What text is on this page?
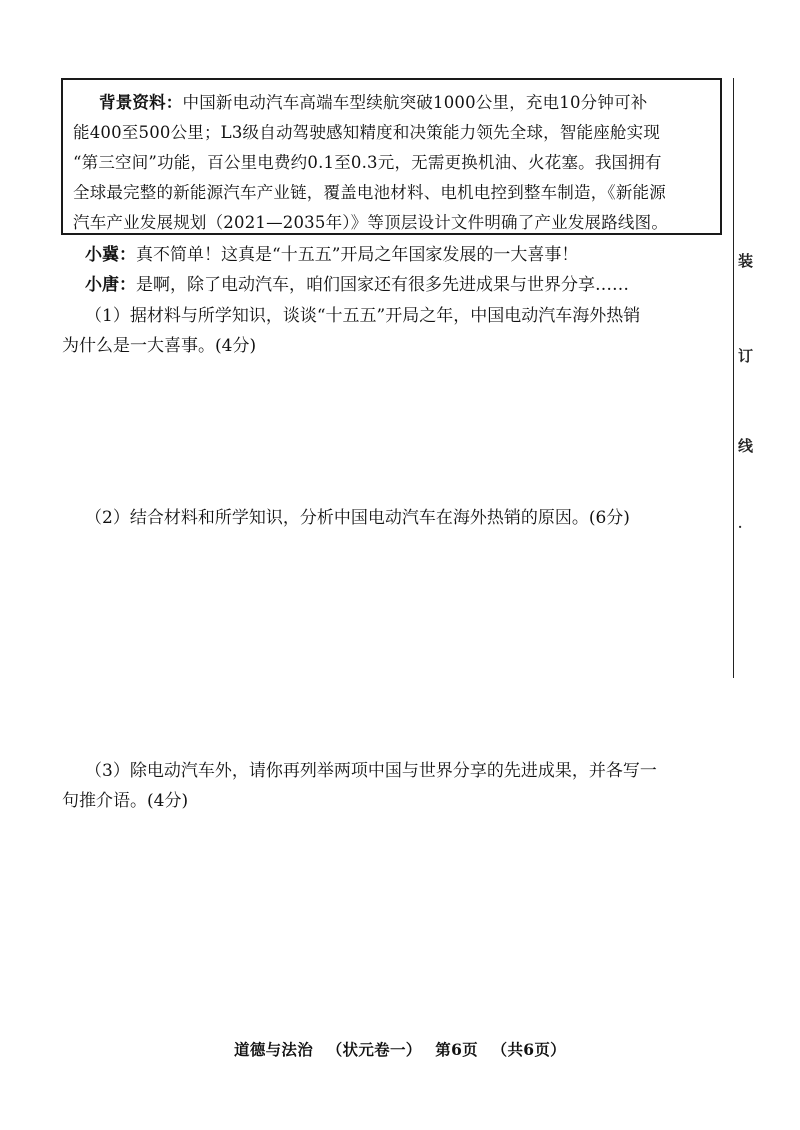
背景资料：中国新电动汽车高端车型续航突破1000公里，充电10分钟可补
能400至500公里；L3级自动驾驶感知精度和决策能力领先全球，智能座舱实现
“第三空间”功能，百公里电费约0.1至0.3元，无需更换机油、火花塞。我国拥有
全球最完整的新能源汽车产业链，覆盖电池材料、电机电控到整车制造，《新能源
汽车产业发展规划（2021—2035年）》等顶层设计文件明确了产业发展路线图。
小冀：真不简单！这真是“十五五”开局之年国家发展的一大喜事！
小唐：是啊，除了电动汽车，咱们国家还有很多先进成果与世界分享……
（1）据材料与所学知识，谈谈“十五五”开局之年，中国电动汽车海外热销
为什么是一大喜事。(4分)
（2）结合材料和所学知识，分析中国电动汽车在海外热销的原因。(6分)
（3）除电动汽车外，请你再列举两项中国与世界分享的先进成果，并各写一
句推介语。(4分)
装
订
线
·
道德与法治 （状元卷一） 第6页 （共6页）
